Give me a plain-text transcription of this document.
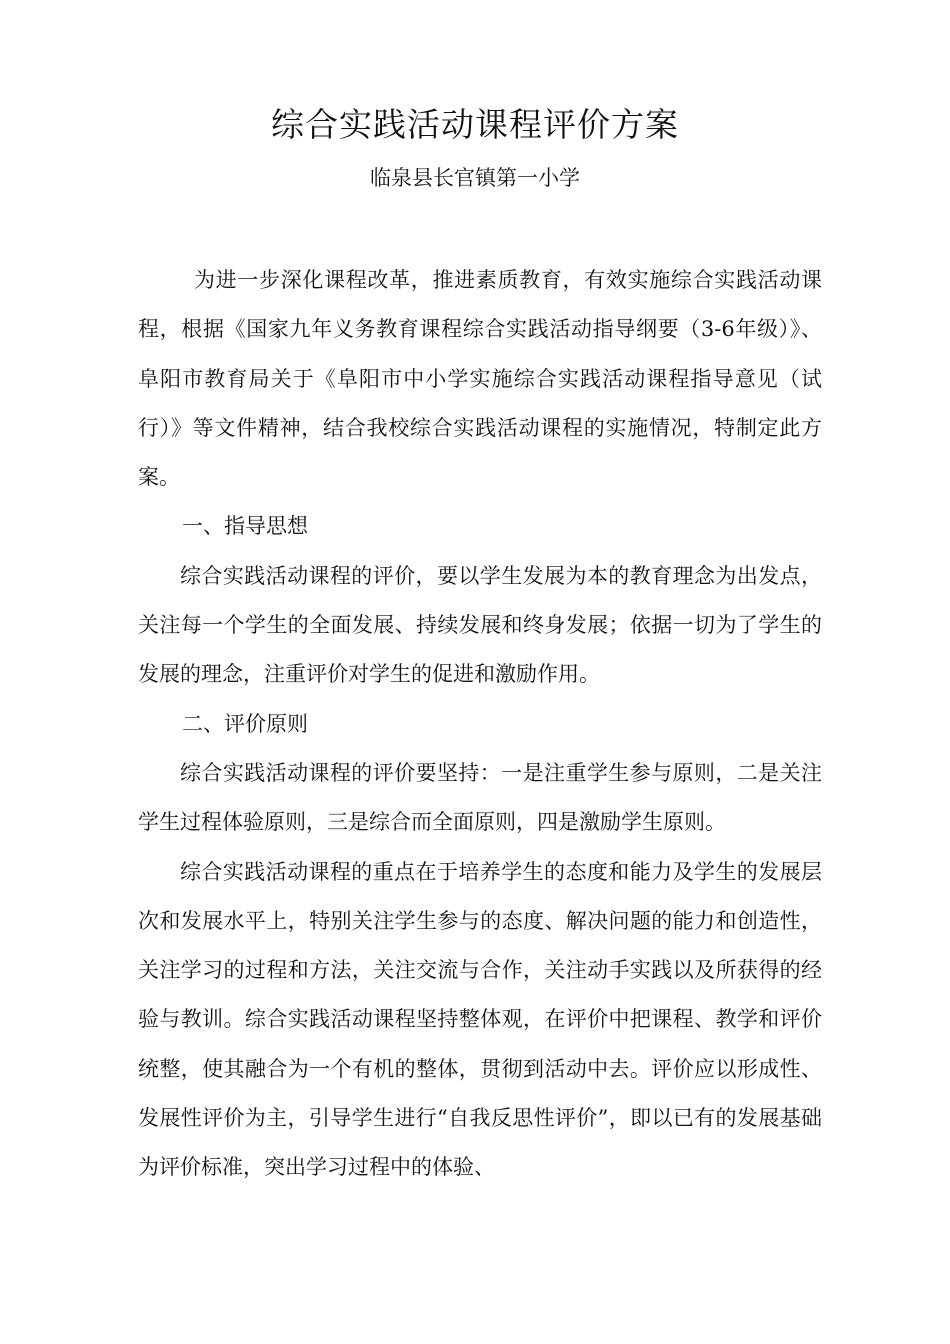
综合实践活动课程评价方案
临泉县长官镇第一小学

为进一步深化课程改革，推进素质教育，有效实施综合实践活动课程，根据《国家九年义务教育课程综合实践活动指导纲要（3-6年级）》、阜阳市教育局关于《阜阳市中小学实施综合实践活动课程指导意见（试行）》等文件精神，结合我校综合实践活动课程的实施情况，特制定此方案。

一、指导思想

综合实践活动课程的评价，要以学生发展为本的教育理念为出发点，关注每一个学生的全面发展、持续发展和终身发展；依据一切为了学生的发展的理念，注重评价对学生的促进和激励作用。

二、评价原则

综合实践活动课程的评价要坚持：一是注重学生参与原则，二是关注学生过程体验原则，三是综合而全面原则，四是激励学生原则。

综合实践活动课程的重点在于培养学生的态度和能力及学生的发展层次和发展水平上，特别关注学生参与的态度、解决问题的能力和创造性，关注学习的过程和方法，关注交流与合作，关注动手实践以及所获得的经验与教训。综合实践活动课程坚持整体观，在评价中把课程、教学和评价统整，使其融合为一个有机的整体，贯彻到活动中去。评价应以形成性、发展性评价为主，引导学生进行“自我反思性评价”，即以已有的发展基础为评价标准，突出学习过程中的体验、
